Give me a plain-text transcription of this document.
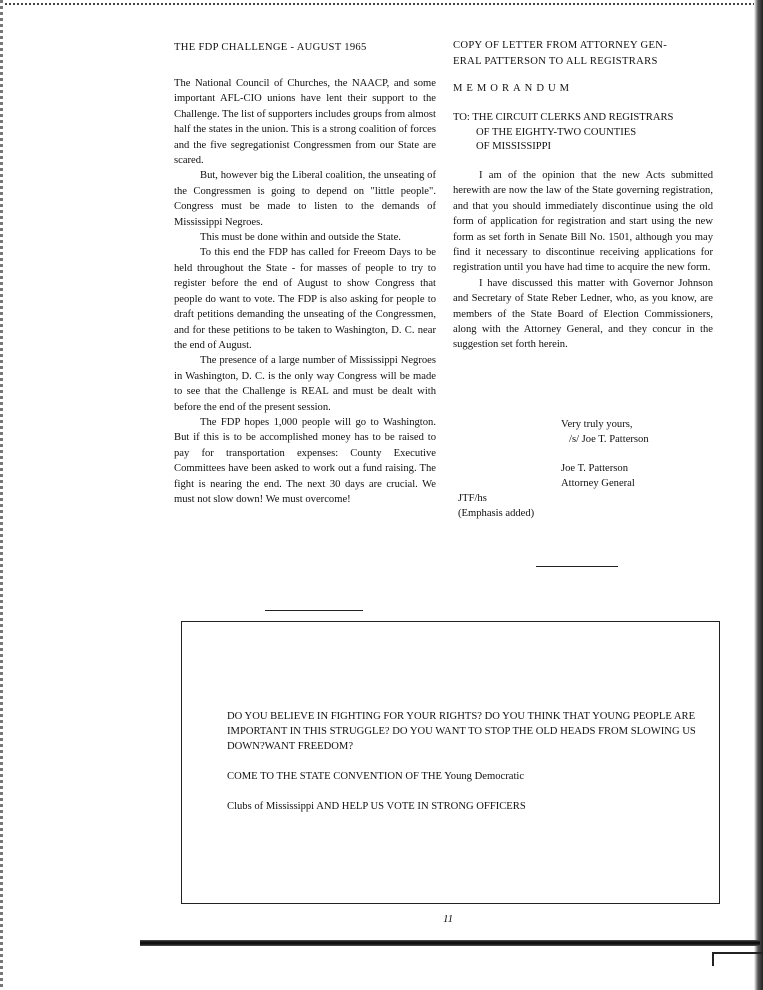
THE FDP CHALLENGE - AUGUST 1965	COPY OF LETTER FROM ATTORNEY GEN-
ERAL PATTERSON TO ALL REGISTRARS

The National Council of Churches, the NAACP, and some important AFL-CIO unions have lent their support to the Challenge. The list of supporters includes groups from almost half the states in the union. This is a strong coalition of forces and the five segregationist Congressmen from our State are scared.

But, however big the Liberal coalition, the unseating of the Congressmen is going to depend on "little people". Congress must be made to listen to the demands of Mississippi Negroes.

This must be done within and outside the State.

To this end the FDP has called for Freeom Days to be held throughout the State - for masses of people to try to register before the end of August to show Congress that people do want to vote. The FDP is also asking for people to draft petitions demanding the unseating of the Congressmen, and for these petitions to be taken to Washington, D. C. near the end of August.

The presence of a large number of Mississippi Negroes in Washington, D. C. is the only way Congress will be made to see that the Challenge is REAL and must be dealt with before the end of the present session.

The FDP hopes 1,000 people will go to Washington. But if this is to be accomplished money has to be raised to pay for transportation expenses: County Executive Committees have been asked to work out a fund raising. The fight is nearing the end. The next 30 days are crucial. We must not slow down! We must overcome!

MEMORANDUM
TO: THE CIRCUIT CLERKS AND REGISTRARS
OF THE EIGHTY-TWO COUNTIES
OF MISSISSIPPI

I am of the opinion that the new Acts submitted herewith are now the law of the State governing registration, and that you should immediately discontinue using the old form of application for registration and start using the new form as set forth in Senate Bill No. 1501, although you may find it necessary to discontinue receiving applications for registration until you have had time to acquire the new form.

I have discussed this matter with Governor Johnson and Secretary of State Reber Ledner, who, as you know, are members of the State Board of Election Commissioners, along with the Attorney General, and they concur in the suggestion set forth herein.

Very truly yours,
/s/ Joe T. Patterson
Joe T. Patterson
Attorney General
JTF/hs
(Emphasis added)
DO YOU BELIEVE IN FIGHTING FOR YOUR RIGHTS? DO YOU THINK THAT YOUNG PEOPLE ARE IMPORTANT IN THIS STRUGGLE? DO YOU WANT TO STOP THE OLD HEADS FROM SLOWING US DOWN?WANT FREEDOM?
COME TO THE STATE CONVENTION OF THE Young Democratic
Clubs of Mississippi AND HELP US VOTE IN STRONG OFFICERS
11
